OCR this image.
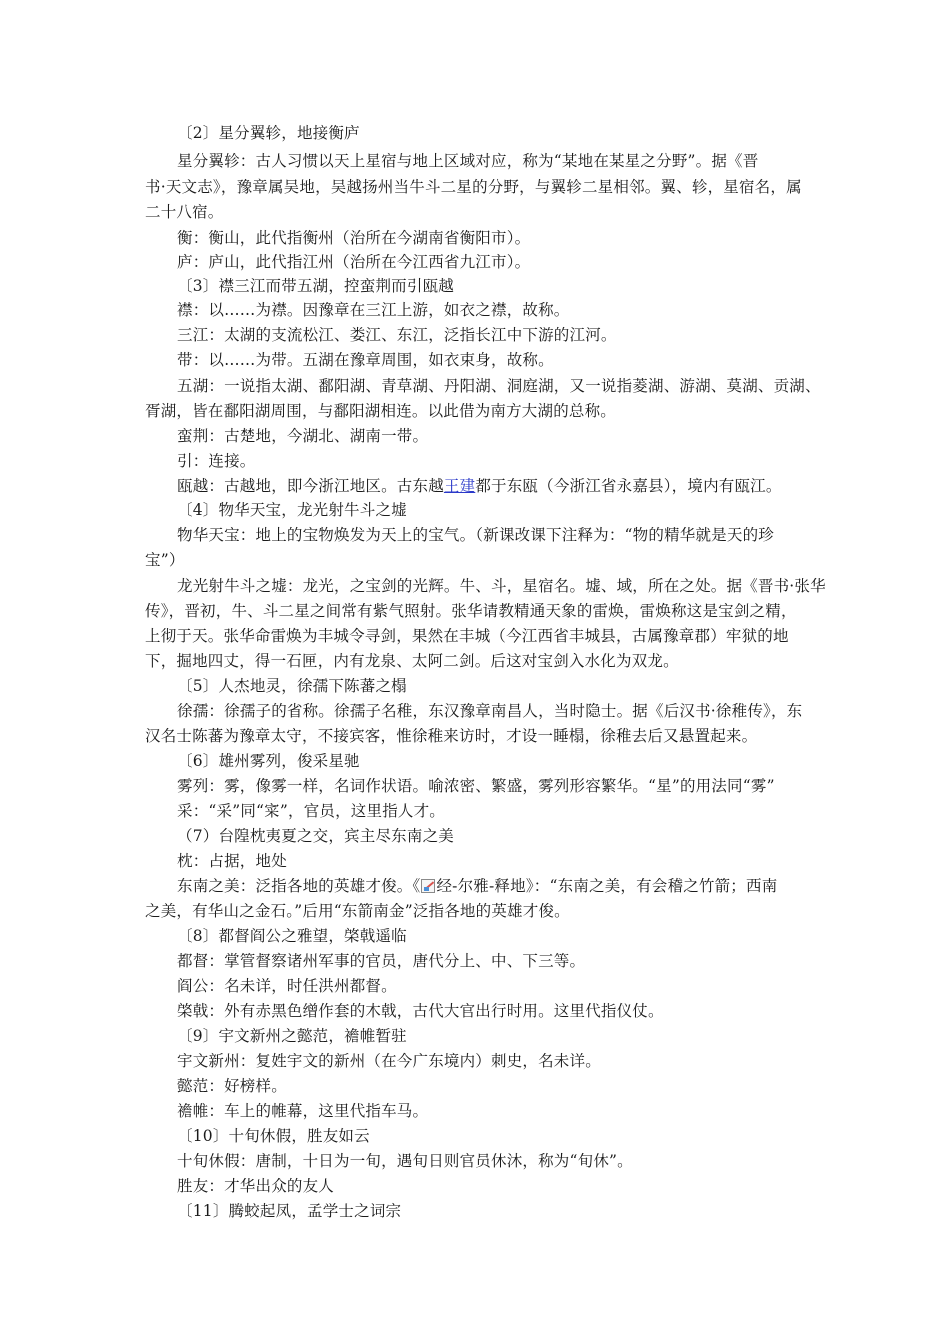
〔2〕星分翼轸，地接衡庐
星分翼轸：古人习惯以天上星宿与地上区域对应，称为“某地在某星之分野”。据《晋
书·天文志》，豫章属吴地，吴越扬州当牛斗二星的分野，与翼轸二星相邻。翼、轸，星宿名，属
二十八宿。
衡：衡山，此代指衡州（治所在今湖南省衡阳市）。
庐：庐山，此代指江州（治所在今江西省九江市）。
〔3〕襟三江而带五湖，控蛮荆而引瓯越
襟：以……为襟。因豫章在三江上游，如衣之襟，故称。
三江：太湖的支流松江、娄江、东江，泛指长江中下游的江河。
带：以……为带。五湖在豫章周围，如衣束身，故称。
五湖：一说指太湖、鄱阳湖、青草湖、丹阳湖、洞庭湖，又一说指菱湖、游湖、莫湖、贡湖、
胥湖，皆在鄱阳湖周围，与鄱阳湖相连。以此借为南方大湖的总称。
蛮荆：古楚地，今湖北、湖南一带。
引：连接。
瓯越：古越地，即今浙江地区。古东越王建都于东瓯（今浙江省永嘉县），境内有瓯江。
〔4〕物华天宝，龙光射牛斗之墟
物华天宝：地上的宝物焕发为天上的宝气。（新课改课下注释为：“物的精华就是天的珍
宝”）
龙光射牛斗之墟：龙光，之宝剑的光辉。牛、斗，星宿名。墟、域，所在之处。据《晋书·张华
传》，晋初，牛、斗二星之间常有紫气照射。张华请教精通天象的雷焕，雷焕称这是宝剑之精，
上彻于天。张华命雷焕为丰城令寻剑，果然在丰城（今江西省丰城县，古属豫章郡）牢狱的地
下，掘地四丈，得一石匣，内有龙泉、太阿二剑。后这对宝剑入水化为双龙。
〔5〕人杰地灵，徐孺下陈蕃之榻
徐孺：徐孺子的省称。徐孺子名稚，东汉豫章南昌人，当时隐士。据《后汉书·徐稚传》，东
汉名士陈蕃为豫章太守，不接宾客，惟徐稚来访时，才设一睡榻，徐稚去后又悬置起来。
〔6〕雄州雾列，俊采星驰
雾列：雾，像雾一样，名词作状语。喻浓密、繁盛，雾列形容繁华。“星”的用法同“雾”
采：“采”同“寀”，官员，这里指人才。
（7）台隍枕夷夏之交，宾主尽东南之美
枕：占据，地处
东南之美：泛指各地的英雄才俊。《 经-尔雅-释地》：“东南之美，有会稽之竹箭；西南
之美，有华山之金石。”后用“东箭南金”泛指各地的英雄才俊。
〔8〕都督阎公之雅望，棨戟遥临
都督：掌管督察诸州军事的官员，唐代分上、中、下三等。
阎公：名未详，时任洪州都督。
棨戟：外有赤黑色缯作套的木戟，古代大官出行时用。这里代指仪仗。
〔9〕宇文新州之懿范，襜帷暂驻
宇文新州：复姓宇文的新州（在今广东境内）刺史，名未详。
懿范：好榜样。
襜帷：车上的帷幕，这里代指车马。
〔10〕十旬休假，胜友如云
十旬休假：唐制，十日为一旬，遇旬日则官员休沐，称为“旬休”。
胜友：才华出众的友人
〔11〕腾蛟起凤，孟学士之词宗
